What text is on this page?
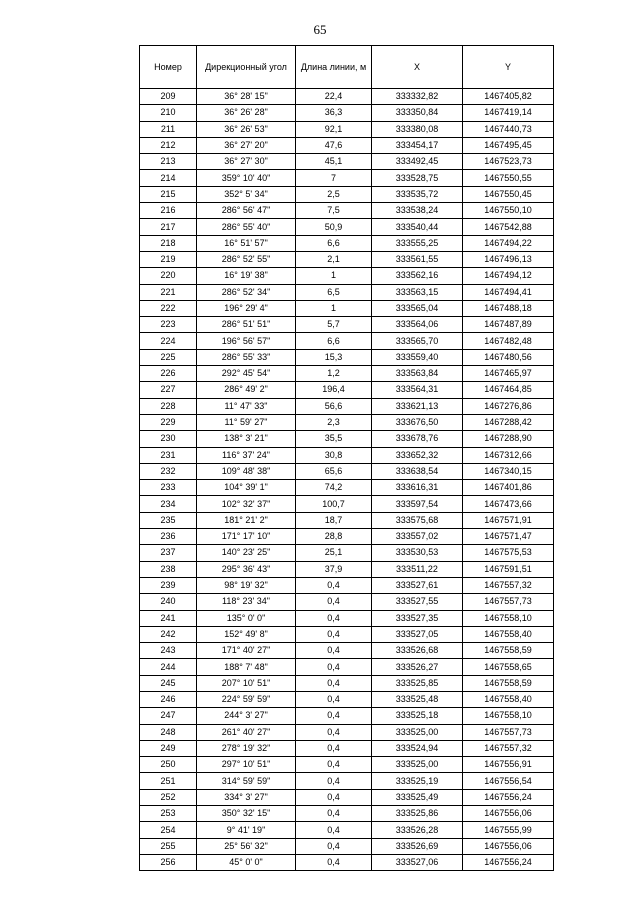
65
Номер	Дирекционный угол	Длина линии, м	X	Y
209	36° 28' 15"	22,4	333332,82	1467405,82
210	36° 26' 28"	36,3	333350,84	1467419,14
211	36° 26' 53"	92,1	333380,08	1467440,73
212	36° 27' 20"	47,6	333454,17	1467495,45
213	36° 27' 30"	45,1	333492,45	1467523,73
214	359° 10' 40"	7	333528,75	1467550,55
215	352° 5' 34"	2,5	333535,72	1467550,45
216	286° 56' 47"	7,5	333538,24	1467550,10
217	286° 55' 40"	50,9	333540,44	1467542,88
218	16° 51' 57"	6,6	333555,25	1467494,22
219	286° 52' 55"	2,1	333561,55	1467496,13
220	16° 19' 38"	1	333562,16	1467494,12
221	286° 52' 34"	6,5	333563,15	1467494,41
222	196° 29' 4"	1	333565,04	1467488,18
223	286° 51' 51"	5,7	333564,06	1467487,89
224	196° 56' 57"	6,6	333565,70	1467482,48
225	286° 55' 33"	15,3	333559,40	1467480,56
226	292° 45' 54"	1,2	333563,84	1467465,97
227	286° 49' 2"	196,4	333564,31	1467464,85
228	11° 47' 33"	56,6	333621,13	1467276,86
229	11° 59' 27"	2,3	333676,50	1467288,42
230	138° 3' 21"	35,5	333678,76	1467288,90
231	116° 37' 24"	30,8	333652,32	1467312,66
232	109° 48' 38"	65,6	333638,54	1467340,15
233	104° 39' 1"	74,2	333616,31	1467401,86
234	102° 32' 37"	100,7	333597,54	1467473,66
235	181° 21' 2"	18,7	333575,68	1467571,91
236	171° 17' 10"	28,8	333557,02	1467571,47
237	140° 23' 25"	25,1	333530,53	1467575,53
238	295° 36' 43"	37,9	333511,22	1467591,51
239	98° 19' 32"	0,4	333527,61	1467557,32
240	118° 23' 34"	0,4	333527,55	1467557,73
241	135° 0' 0"	0,4	333527,35	1467558,10
242	152° 49' 8"	0,4	333527,05	1467558,40
243	171° 40' 27"	0,4	333526,68	1467558,59
244	188° 7' 48"	0,4	333526,27	1467558,65
245	207° 10' 51"	0,4	333525,85	1467558,59
246	224° 59' 59"	0,4	333525,48	1467558,40
247	244° 3' 27"	0,4	333525,18	1467558,10
248	261° 40' 27"	0,4	333525,00	1467557,73
249	278° 19' 32"	0,4	333524,94	1467557,32
250	297° 10' 51"	0,4	333525,00	1467556,91
251	314° 59' 59"	0,4	333525,19	1467556,54
252	334° 3' 27"	0,4	333525,49	1467556,24
253	350° 32' 15"	0,4	333525,86	1467556,06
254	9° 41' 19"	0,4	333526,28	1467555,99
255	25° 56' 32"	0,4	333526,69	1467556,06
256	45° 0' 0"	0,4	333527,06	1467556,24
